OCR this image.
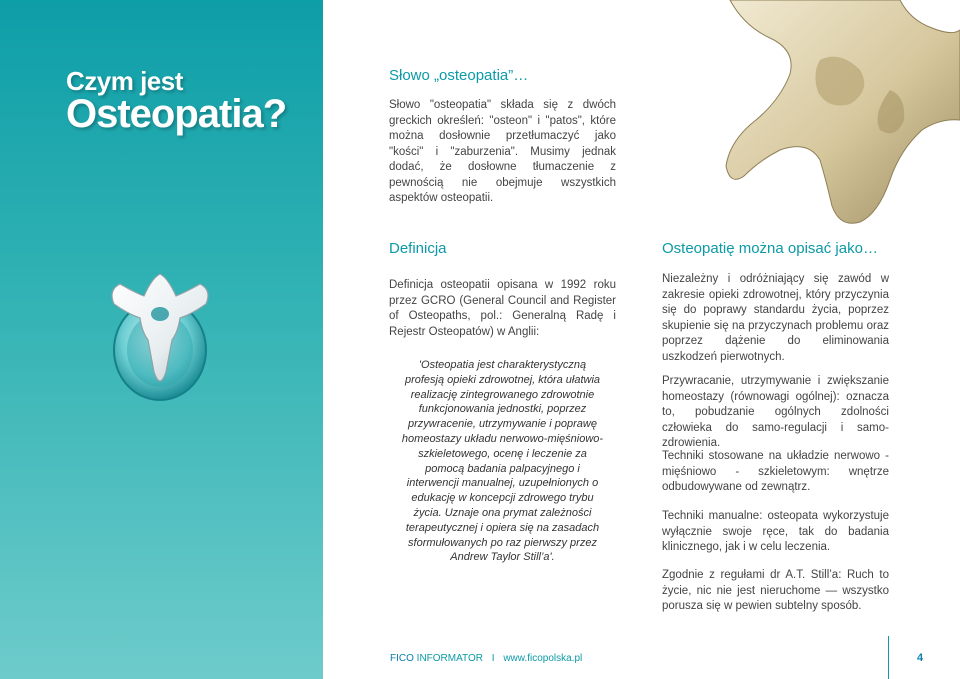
Czym jest
Osteopatia?
Słowo „osteopatia”…
Słowo "osteopatia" składa się z dwóch greckich określeń: "osteon" i "patos", które można dosłownie przetłumaczyć jako "kości" i "zaburzenia". Musimy jednak dodać, że dosłowne tłumaczenie z pewnością nie obejmuje wszystkich aspektów osteopatii.
Definicja
Definicja osteopatii opisana w 1992 roku przez GCRO (General Council and Register of Osteopaths, pol.: Generalną Radę i Rejestr Osteopatów) w Anglii:
'Osteopatia jest charakterystyczną profesją opieki zdrowotnej, która ułatwia realizację zintegrowanego zdrowotnie funkcjonowania jednostki, poprzez przywracenie, utrzymywanie i poprawę homeostazy układu nerwowo-mięśniowo-szkieletowego, ocenę i leczenie za pomocą badania palpacyjnego i interwencji manualnej, uzupełnionych o edukację w koncepcji zdrowego trybu życia. Uznaje ona prymat zależności terapeutycznej i opiera się na zasadach sformułowanych po raz pierwszy przez Andrew Taylor Still’a'.
Osteopatię można opisać jako…
Niezależny i odróżniający się zawód w zakresie opieki zdrowotnej, który przyczynia się do poprawy standardu życia, poprzez skupienie się na przyczynach problemu oraz poprzez dążenie do eliminowania uszkodzeń pierwotnych.
Przywracanie, utrzymywanie i zwiększanie homeostazy (równowagi ogólnej): oznacza to, pobudzanie ogólnych zdolności człowieka do samo-regulacji i samo-zdrowienia.
Techniki stosowane na układzie nerwowo - mięśniowo - szkieletowym: wnętrze odbudowywane od zewnątrz.
Techniki manualne: osteopata wykorzystuje wyłącznie swoje ręce, tak do badania klinicznego, jak i w celu leczenia.
Zgodnie z regułami dr A.T. Still’a: Ruch to życie, nic nie jest nieruchome — wszystko porusza się w pewien subtelny sposób.
FICO INFORMATOR I www.ficopolska.pl	4
